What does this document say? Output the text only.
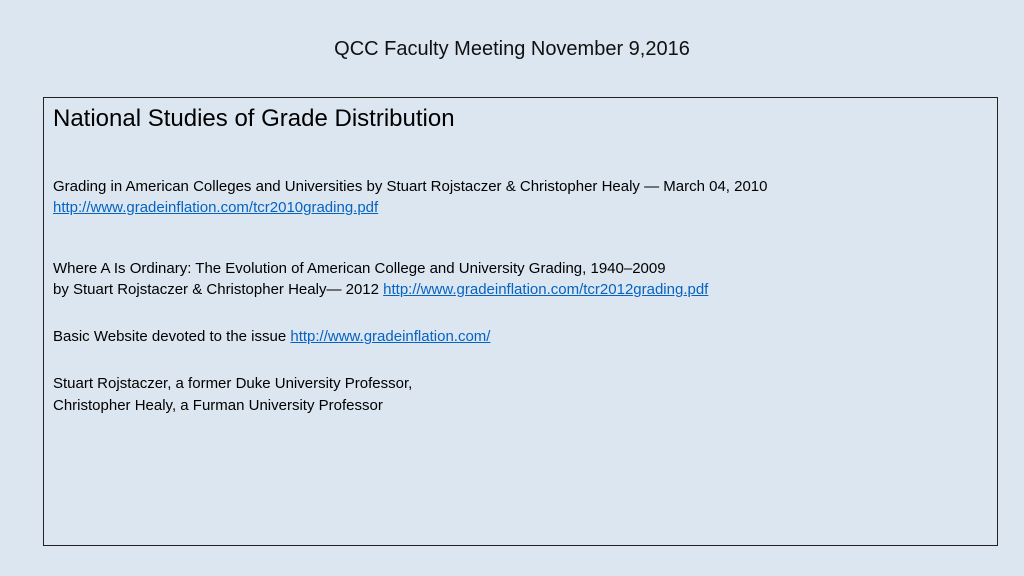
QCC Faculty Meeting November 9,2016
National Studies of Grade Distribution
Grading in American Colleges and Universities by Stuart Rojstaczer & Christopher Healy — March 04, 2010
http://www.gradeinflation.com/tcr2010grading.pdf
Where A Is Ordinary: The Evolution of American College and University Grading, 1940–2009
by Stuart Rojstaczer & Christopher Healy— 2012 http://www.gradeinflation.com/tcr2012grading.pdf
Basic Website devoted to the issue http://www.gradeinflation.com/
Stuart Rojstaczer, a former Duke University Professor,
Christopher Healy, a Furman University Professor
